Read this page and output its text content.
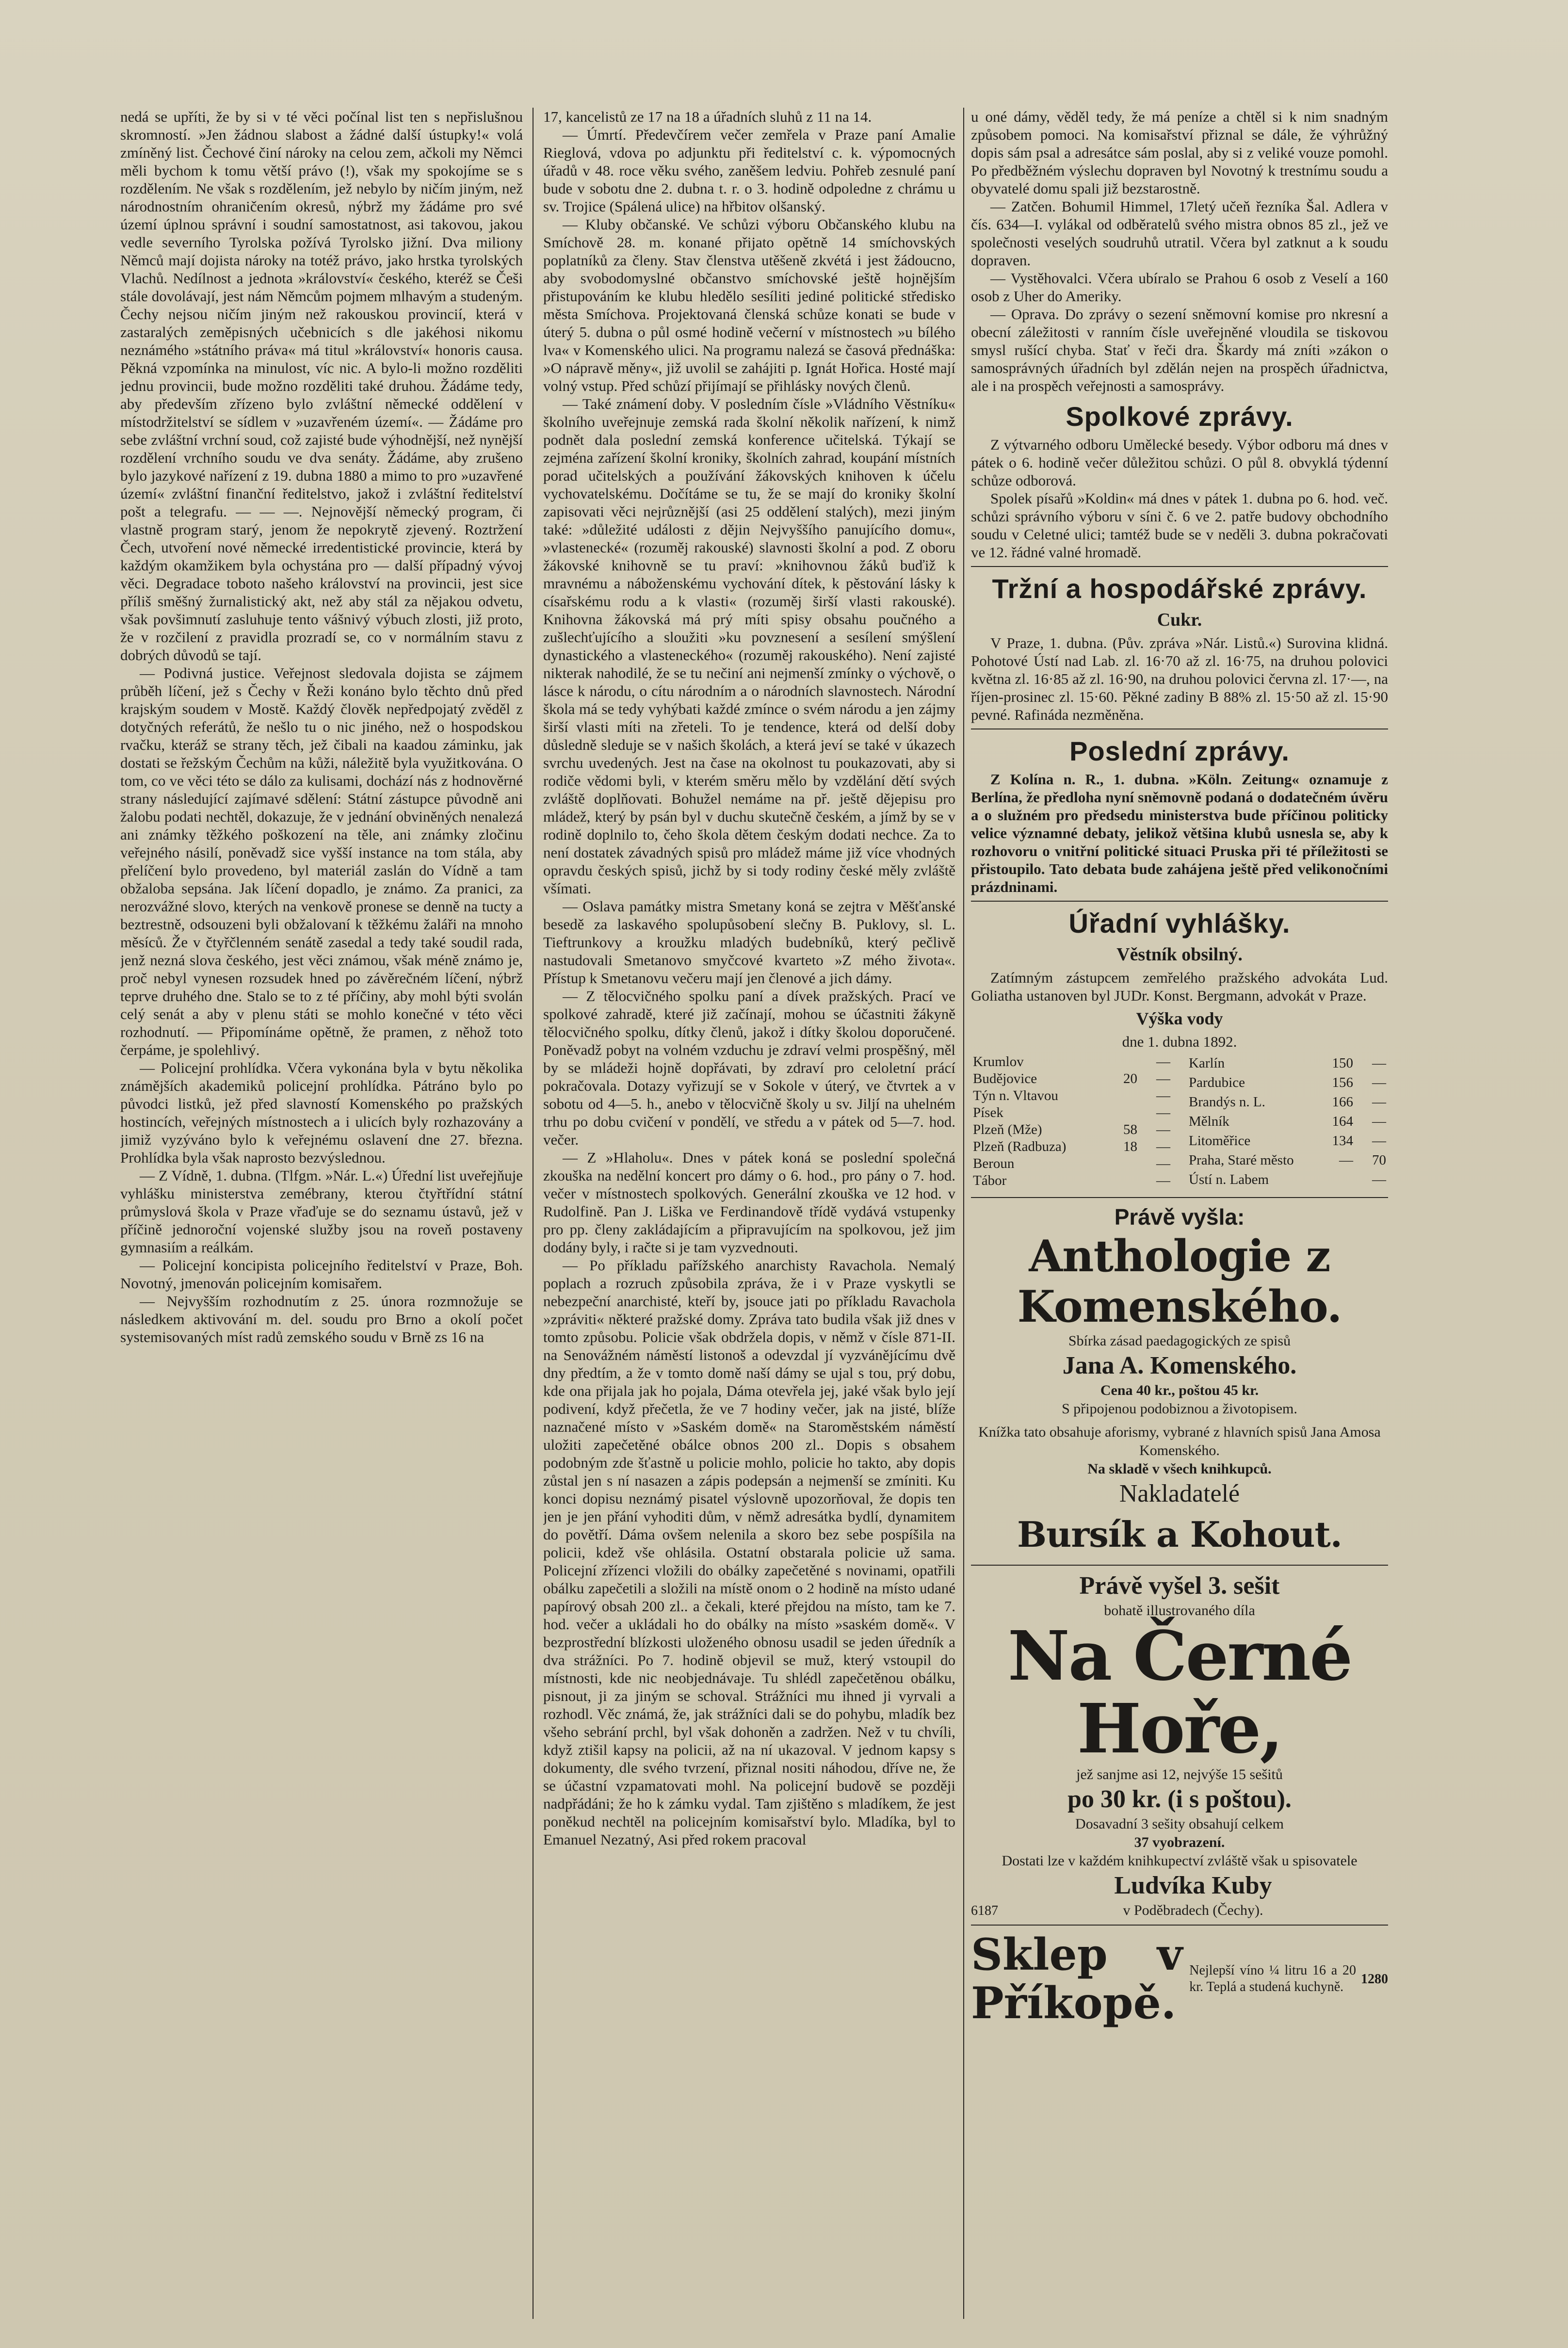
nedá se upříti, že by si v té věci počínal list ten s nepřislušnou skromností. »Jen žádnou slabost a žádné další ústupky!« volá zmíněný list. Čechové činí nároky na celou zem, ačkoli my Němci měli bychom k tomu větší právo (!), však my spokojíme se s rozdělením. Ne však s rozdělením, jež nebylo by ničím jiným, než národnostním ohraničením okresů, nýbrž my žádáme pro své území úplnou správní i soudní samostatnost, asi takovou, jakou vedle severního Tyrolska požívá Tyrolsko jižní. Dva miliony Němců mají dojista nároky na totéž právo, jako hrstka tyrolských Vlachů. Nedílnost a jednota »království« českého, kteréž se Češi stále dovolávají, jest nám Němcům pojmem mlhavým a studeným. Čechy nejsou ničím jiným než rakouskou provincií, která v zastaralých zeměpisných učebnicích s dle jakéhosi nikomu neznámého »státního práva« má titul »království« honoris causa. Pěkná vzpomínka na minulost, víc nic. A bylo-li možno rozděliti jednu provincii, bude možno rozděliti také druhou. Žádáme tedy, aby především zřízeno bylo zvláštní německé oddělení v místodržitelství se sídlem v »uzavřeném území«. — Žádáme pro sebe zvláštní vrchní soud, což zajisté bude výhodnější, než nynější rozdělení vrchního soudu ve dva senáty. Žádáme, aby zrušeno bylo jazykové nařízení z 19. dubna 1880 a mimo to pro »uzavřené území« zvláštní finanční ředitelstvo, jakož i zvláštní ředitelství pošt a telegrafu. — — —. Nejnovější německý program, či vlastně program starý, jenom že nepokrytě zjevený. Roztržení Čech, utvoření nové německé irredentistické provincie, která by každým okamžikem byla ochystána pro — další případný vývoj věci. Degradace toboto našeho království na provincii, jest sice příliš směšný žurnalistický akt, než aby stál za nějakou odvetu, však povšimnutí zasluhuje tento vášnivý výbuch zlosti, již proto, že v rozčilení z pravidla prozradí se, co v normálním stavu z dobrých důvodů se tají.

— Podivná justice. Veřejnost sledovala dojista se zájmem průběh líčení, jež s Čechy v Řeži konáno bylo těchto dnů před krajským soudem v Mostě. Každý člověk nepředpojatý zvěděl z dotyčných referátů, že nešlo tu o nic jiného, než o hospodskou rvačku, kteráž se strany těch, jež čibali na kaadou záminku, jak dostati se řežským Čechům na kůži, náležitě byla využitkována. O tom, co ve věci této se dálo za kulisami, dochází nás z hodnověrné strany následující zajímavé sdělení: Státní zástupce původně ani žalobu podati nechtěl, dokazuje, že v jednání obviněných nenalezá ani známky těžkého poškození na těle, ani známky zločinu veřejného násilí, poněvadž sice vyšší instance na tom stála, aby přelíčení bylo provedeno, byl materiál zaslán do Vídně a tam obžaloba sepsána. Jak líčení dopadlo, je známo. Za pranici, za nerozvážné slovo, kterých na venkově pronese se denně na tucty a beztrestně, odsouzeni byli obžalovaní k těžkému žaláři na mnoho měsíců. Že v čtyřčlenném senátě zasedal a tedy také soudil rada, jenž nezná slova českého, jest věci známou, však méně známo je, proč nebyl vynesen rozsudek hned po závěrečném líčení, nýbrž teprve druhého dne. Stalo se to z té příčiny, aby mohl býti svolán celý senát a aby v plenu státi se mohlo konečné v této věci rozhodnutí. — Připomínáme opětně, že pramen, z něhož toto čerpáme, je spolehlivý.

— Policejní prohlídka. Včera vykonána byla v bytu několika známějších akademiků policejní prohlídka. Pátráno bylo po původci listků, jež před slavností Komenského po pražských hostincích, veřejných místnostech a i ulicích byly rozhazovány a jimiž vyzýváno bylo k veřejnému oslavení dne 27. března. Prohlídka byla však naprosto bezvýslednou.

— Z Vídně, 1. dubna. (Tlfgm. »Nár. L.«) Úřední list uveřejňuje vyhlášku ministerstva zemébrany, kterou čtyřtřídní státní průmyslová škola v Praze vřaďuje se do seznamu ústavů, jež v příčině jednoroční vojenské služby jsou na roveň postaveny gymnasiím a reálkám.

— Policejní koncipista policejního ředitelství v Praze, Boh. Novotný, jmenován policejním komisařem.

— Nejvyšším rozhodnutím z 25. února rozmnožuje se následkem aktivování m. del. soudu pro Brno a okolí počet systemisovaných míst radů zemského soudu v Brně zs 16 na

17, kancelistů ze 17 na 18 a úřadních sluhů z 11 na 14.

— Úmrtí. Předevčírem večer zemřela v Praze paní Amalie Rieglová, vdova po adjunktu při ředitelství c. k. výpomocných úřadů v 48. roce věku svého, zaněšem ledviu. Pohřeb zesnulé paní bude v sobotu dne 2. dubna t. r. o 3. hodině odpoledne z chrámu u sv. Trojice (Spálená ulice) na hřbitov olšanský.

— Kluby občanské. Ve schůzi výboru Občanského klubu na Smíchově 28. m. konané přijato opětně 14 smíchovských poplatníků za členy. Stav členstva utěšeně zkvétá i jest žádoucno, aby svobodomyslné občanstvo smíchovské ještě hojnějším přistupováním ke klubu hledělo sesíliti jediné politické středisko města Smíchova. Projektovaná členská schůze konati se bude v úterý 5. dubna o půl osmé hodině večerní v místnostech »u bílého lva« v Komenského ulici. Na programu nalezá se časová přednáška: »O nápravě měny«, již uvolil se zahájiti p. Ignát Hořica. Hosté mají volný vstup. Před schůzí přijímají se přihlásky nových členů.

— Také známení doby. V posledním čísle »Vládního Věstníku« školního uveřejnuje zemská rada školní několik nařízení, k nimž podnět dala poslední zemská konference učitelská. Týkají se zejména zařízení školní kroniky, školních zahrad, koupání místních porad učitelských a používání žákovských knihoven k účelu vychovatelskému. Dočítáme se tu, že se mají do kroniky školní zapisovati věci nejrůznější (asi 25 oddělení stalých), mezi jiným také: »důležité události z dějin Nejvyššího panujícího domu«, »vlastenecké« (rozuměj rakouské) slavnosti školní a pod. Z oboru žákovské knihovně se tu praví: »knihovnou žáků buďiž k mravnému a náboženskému vychování dítek, k pěstování lásky k císařskému rodu a k vlasti« (rozuměj širší vlasti rakouské). Knihovna žákovská má prý míti spisy obsahu poučného a zušlechťujícího a sloužiti »ku povznesení a sesílení smýšlení dynastického a vlasteneckého« (rozuměj rakouského). Není zajisté nikterak nahodilé, že se tu nečiní ani nejmenší zmínky o výchově, o lásce k národu, o cítu národním a o národních slavnostech. Národní škola má se tedy vyhýbati každé zmínce o svém národu a jen zájmy širší vlasti míti na zřeteli. To je tendence, která od delší doby důsledně sleduje se v našich školách, a která jeví se také v úkazech svrchu uvedených. Jest na čase na okolnost tu poukazovati, aby si rodiče vědomi byli, v kterém směru mělo by vzdělání dětí svých zvláště doplňovati. Bohužel nemáme na př. ještě dějepisu pro mládež, který by psán byl v duchu skutečně českém, a jímž by se v rodině doplnilo to, čeho škola dětem českým dodati nechce. Za to není dostatek závadných spisů pro mládež máme již více vhodných opravdu českých spisů, jichž by si tody rodiny české měly zvláště všímati.

— Oslava památky mistra Smetany koná se zejtra v Měšťanské besedě za laskavého spolupůsobení slečny B. Puklovy, sl. L. Tieftrunkovy a kroužku mladých budebníků, který pečlivě nastudovali Smetanovo smyčcové kvarteto »Z mého života«. Přístup k Smetanovu večeru mají jen členové a jich dámy.

— Z tělocvičného spolku paní a dívek pražských. Prací ve spolkové zahradě, které již začínají, mohou se účastniti žákyně tělocvičného spolku, dítky členů, jakož i dítky školou doporučené. Poněvadž pobyt na volném vzduchu je zdraví velmi prospěšný, měl by se mládeži hojně dopřávati, by zdraví pro celoletní prácí pokračovala. Dotazy vyřizují se v Sokole v úterý, ve čtvrtek a v sobotu od 4—5. h., anebo v tělocvičně školy u sv. Jiljí na uhelném trhu po dobu cvičení v pondělí, ve středu a v pátek od 5—7. hod. večer.

— Z »Hlaholu«. Dnes v pátek koná se poslední společná zkouška na nedělní koncert pro dámy o 6. hod., pro pány o 7. hod. večer v místnostech spolkových. Generální zkouška ve 12 hod. v Rudolfině. Pan J. Liška ve Ferdinandově třídě vydává vstupenky pro pp. členy zakládajícím a připravujícím na spolkovou, jež jim dodány byly, i račte si je tam vyzvednouti.

— Po příkladu pařížského anarchisty Ravachola. Nemalý poplach a rozruch způsobila zpráva, že i v Praze vyskytli se nebezpeční anarchisté, kteří by, jsouce jati po příkladu Ravachola »zpráviti« některé pražské domy. Zpráva tato budila však již dnes v tomto způsobu. Policie však obdržela dopis, v němž v čísle 871-II. na Senovážném náměstí listonoš a odevzdal jí vyzvánějícímu dvě dny předtím, a že v tomto domě naší dámy se ujal s tou, prý dobu, kde ona přijala jak ho pojala, Dáma otevřela jej, jaké však bylo její podivení, když přečetla, že ve 7 hodiny večer, jak na jisté, blíže naznačené místo v »Saském domě« na Staroměstském náměstí uložiti zapečetěné obálce obnos 200 zl.. Dopis s obsahem podobným zde šťastně u policie mohlo, policie ho takto, aby dopis zůstal jen s ní nasazen a zápis podepsán a nejmenší se zmíniti. Ku konci dopisu neznámý pisatel výslovně upozorňoval, že dopis ten jen je jen přání vyhoditi dům, v němž adresátka bydlí, dynamitem do povětří. Dáma ovšem nelenila a skoro bez sebe pospíšila na policii, kdež vše ohlásila. Ostatní obstarala policie už sama. Policejní zřízenci vložili do obálky zapečetěné s novinami, opatřili obálku zapečetili a složili na místě onom o 2 hodině na místo udané papírový obsah 200 zl.. a čekali, které přejdou na místo, tam ke 7. hod. večer a ukládali ho do obálky na místo »saském domě«. V bezprostřední blízkosti uloženého obnosu usadil se jeden úředník a dva strážníci. Po 7. hodině objevil se muž, který vstoupil do místnosti, kde nic neobjednávaje. Tu shlédl zapečetěnou obálku, pisnout, ji za jiným se schoval. Strážníci mu ihned ji vyrvali a rozhodl. Věc známá, že, jak strážníci dali se do pohybu, mladík bez všeho sebrání prchl, byl však dohoněn a zadržen. Než v tu chvíli, když ztišil kapsy na policii, až na ní ukazoval. V jednom kapsy s dokumenty, dle svého tvrzení, přiznal nositi náhodou, dříve ne, že se účastní vzpamatovati mohl. Na policejní budově se později nadpřádáni; že ho k zámku vydal. Tam zjištěno s mladíkem, že jest poněkud nechtěl na policejním komisařství bylo. Mladíka, byl to Emanuel Nezatný, Asi před rokem pracoval

u oné dámy, věděl tedy, že má peníze a chtěl si k nim snadným způsobem pomoci. Na komisařství přiznal se dále, že výhrůžný dopis sám psal a adresátce sám poslal, aby si z veliké vouze pomohl. Po předběžném výslechu dopraven byl Novotný k trestnímu soudu a obyvatelé domu spali již bezstarostně.

— Zatčen. Bohumil Himmel, 17letý učeň řezníka Šal. Adlera v čís. 634—I. vylákal od odběratelů svého mistra obnos 85 zl., jež ve společnosti veselých soudruhů utratil. Včera byl zatknut a k soudu dopraven.

— Vystěhovalci. Včera ubíralo se Prahou 6 osob z Veselí a 160 osob z Uher do Ameriky.

— Oprava. Do zprávy o sezení sněmovní komise pro nkresní a obecní záležitosti v ranním čísle uveřejněné vloudila se tiskovou smysl rušící chyba. Stať v řeči dra. Škardy má zníti »zákon o samosprávných úřadních byl zdělán nejen na prospěch úřadnictva, ale i na prospěch veřejnosti a samosprávy.

Spolkové zprávy.

Z výtvarného odboru Umělecké besedy. Výbor odboru má dnes v pátek o 6. hodině večer důležitou schůzi. O půl 8. obvyklá týdenní schůze odborová.

Spolek písařů »Koldin« má dnes v pátek 1. dubna po 6. hod. več. schůzi správního výboru v síni č. 6 ve 2. patře budovy obchodního soudu v Celetné ulici; tamtéž bude se v neděli 3. dubna pokračovati ve 12. řádné valné hromadě.

Tržní a hospodářské zprávy.
Cukr.

V Praze, 1. dubna. (Pův. zpráva »Nár. Listů.«) Surovina klidná. Pohotové Ústí nad Lab. zl. 16·70 až zl. 16·75, na druhou polovici května zl. 16·85 až zl. 16·90, na druhou polovici června zl. 17·—, na říjen-prosinec zl. 15·60. Pěkné zadiny B 88% zl. 15·50 až zl. 15·90 pevné. Rafináda nezměněna.

Poslední zprávy.

Z Kolína n. R., 1. dubna. »Köln. Zeitung« oznamuje z Berlína, že předloha nyní sněmovně podaná o dodatečném úvěru a o služném pro předsedu ministerstva bude příčinou politicky velice významné debaty, jelikož většina klubů usnesla se, aby k rozhovoru o vnitřní politické situaci Pruska při té příležitosti se přistoupilo. Tato debata bude zahájena ještě před velikonočními prázdninami.

Úřadní vyhlášky.
Věstník obsilný.

Zatímným zástupcem zemřelého pražského advokáta Lud. Goliatha ustanoven byl JUDr. Konst. Bergmann, advokát v Praze.

Výška vody
dne 1. dubna 1892.
Krumlov		—
Budějovice	20	—
Týn n. Vltavou		—
Písek		—
Plzeň (Mže)	58	—
Plzeň (Radbuza)	18	—
Beroun		—
Tábor		—
Karlín	150	—
Pardubice	156	—
Brandýs n. L.	166	—
Mělník	164	—
Litoměřice	134	—
Praha, Staré město	—	70
Ústí n. Labem		—
Právě vyšla:
Anthologie z Komenského.
Sbírka zásad paedagogických ze spisů
Jana A. Komenského.
Cena 40 kr., poštou 45 kr.
S připojenou podobiznou a životopisem.
Knížka tato obsahuje aforismy, vybrané z hlavních spisů Jana Amosa Komenského.
Na skladě v všech knihkupců.
Nakladatelé
Bursík a Kohout.
Právě vyšel 3. sešit
bohatě illustrovaného díla
Na Černé Hoře,
jež sanjme asi 12, nejvýše 15 sešitů
po 30 kr. (i s poštou).
Dosavadní 3 sešity obsahují celkem
37 vyobrazení.
Dostati lze v každém knihkupectví zvláště však u spisovatele
6187
Ludvíka Kuby
v Poděbradech (Čechy).
Sklep v Příkopě.
Nejlepší víno ¼ litru 16 a 20 kr. Teplá a studená kuchyně.
1280
